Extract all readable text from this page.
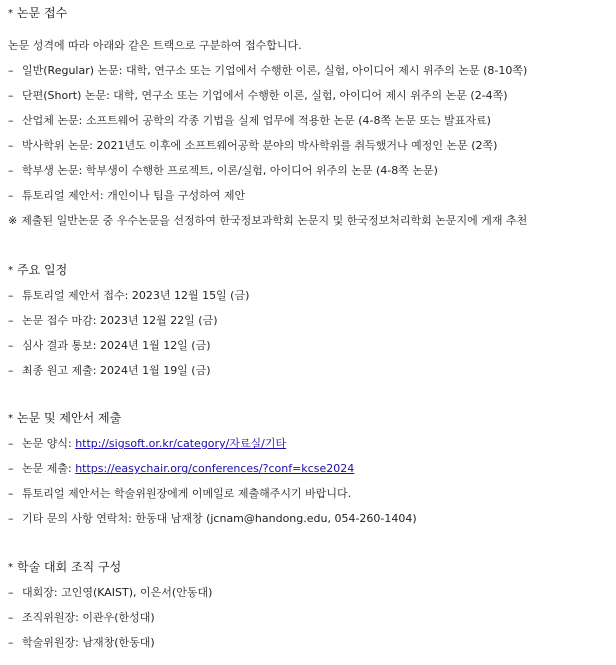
* 논문 접수
논문 성격에 따라 아래와 같은 트랙으로 구분하여 접수합니다.
– 일반(Regular) 논문: 대학, 연구소 또는 기업에서 수행한 이론, 실험, 아이디어 제시 위주의 논문 (8-10쪽)
– 단편(Short) 논문: 대학, 연구소 또는 기업에서 수행한 이론, 실험, 아이디어 제시 위주의 논문 (2-4쪽)
– 산업체 논문: 소프트웨어 공학의 각종 기법을 실제 업무에 적용한 논문 (4-8쪽 논문 또는 발표자료)
– 박사학위 논문: 2021년도 이후에 소프트웨어공학 분야의 박사학위를 취득했거나 예정인 논문 (2쪽)
– 학부생 논문: 학부생이 수행한 프로젝트, 이론/실험, 아이디어 위주의 논문 (4-8쪽 논문)
– 튜토리얼 제안서: 개인이나 팀을 구성하여 제안
※ 제출된 일반논문 중 우수논문을 선정하여 한국정보과학회 논문지 및 한국정보처리학회 논문지에 게재 추천
* 주요 일정
– 튜토리얼 제안서 접수: 2023년 12월 15일 (금)
– 논문 접수 마감: 2023년 12월 22일 (금)
– 심사 결과 통보: 2024년 1월 12일 (금)
– 최종 원고 제출: 2024년 1월 19일 (금)
* 논문 및 제안서 제출
– 논문 양식: http://sigsoft.or.kr/category/자료실/기타
– 논문 제출: https://easychair.org/conferences/?conf=kcse2024
– 튜토리얼 제안서는 학술위원장에게 이메일로 제출해주시기 바랍니다.
– 기타 문의 사항 연락처: 한동대 남재창 (jcnam@handong.edu, 054-260-1404)
* 학술 대회 조직 구성
– 대회장: 고인영(KAIST), 이은서(안동대)
– 조직위원장: 이관우(한성대)
– 학술위원장: 남재창(한동대)
